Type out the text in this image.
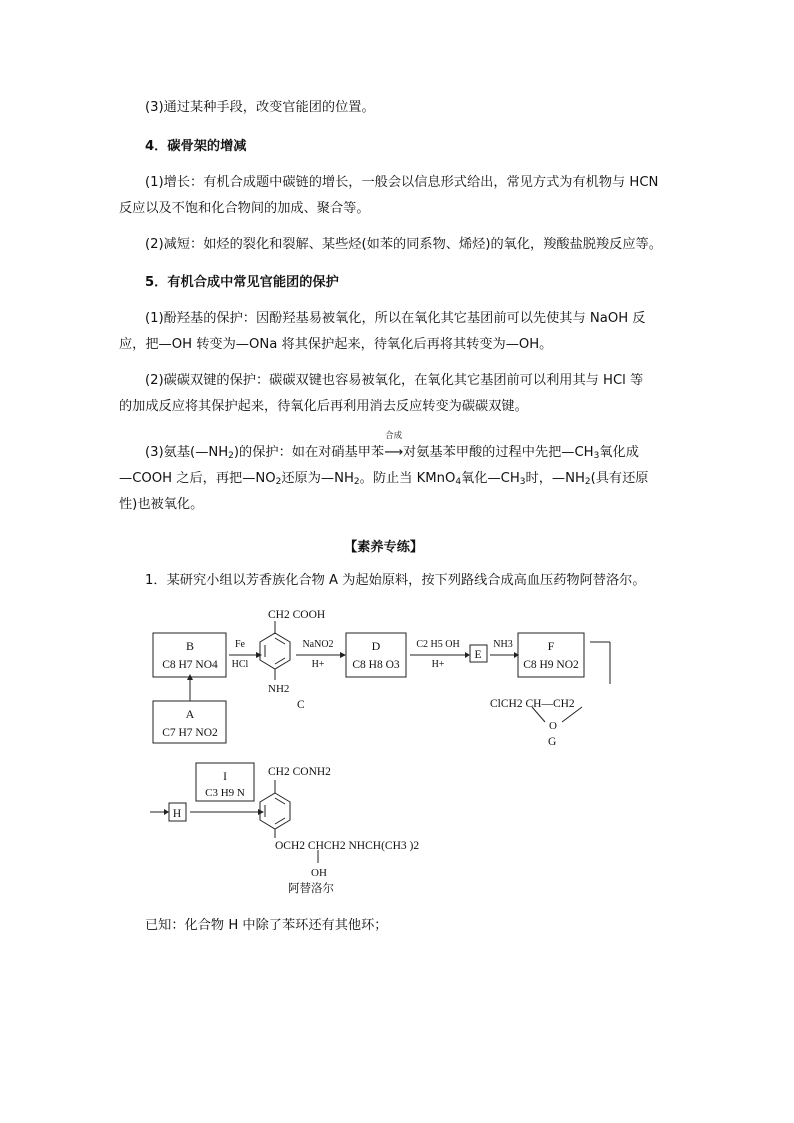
(3)通过某种手段，改变官能团的位置。
4．碳骨架的增减
(1)增长：有机合成题中碳链的增长，一般会以信息形式给出，常见方式为有机物与 HCN
反应以及不饱和化合物间的加成、聚合等。
(2)减短：如烃的裂化和裂解、某些烃(如苯的同系物、烯烃)的氧化，羧酸盐脱羧反应等。
5．有机合成中常见官能团的保护
(1)酚羟基的保护：因酚羟基易被氧化，所以在氧化其它基团前可以先使其与 NaOH 反
应，把—OH 转变为—ONa 将其保护起来，待氧化后再将其转变为—OH。
(2)碳碳双键的保护：碳碳双键也容易被氧化，在氧化其它基团前可以利用其与 HCl 等
的加成反应将其保护起来，待氧化后再利用消去反应转变为碳碳双键。
(3)氨基$(—NH_2)$的保护：如在对硝基甲苯
合成
⟶对氨基苯甲酸的过程中先把$—CH_3$氧化成
—COOH 之后，再把$—NO_2$还原为$—NH_2$。防止当 KMnO$_4$氧化$—CH_3$时，$—NH_2$(具有还原
性)也被氧化。
【素养专练】
1．某研究小组以芳香族化合物 A 为起始原料，按下列路线合成高血压药物阿替洛尔。
B
C8 H7 NO4
A
C7 H7 NO2
Fe
HCl
CH2 COOH
NH2
C
NaNO2
H+
D
C8 H8 O3
C2 H5 OH
H+
E
NH3	F
C8 H9 NO2
ClCH2 CH—CH2
O
G
H
I
C3 H9 N
CH2 CONH2
OCH2 CHCH2 NHCH(CH3 )2
OH
阿替洛尔
已知：化合物 H 中除了苯环还有其他环；
